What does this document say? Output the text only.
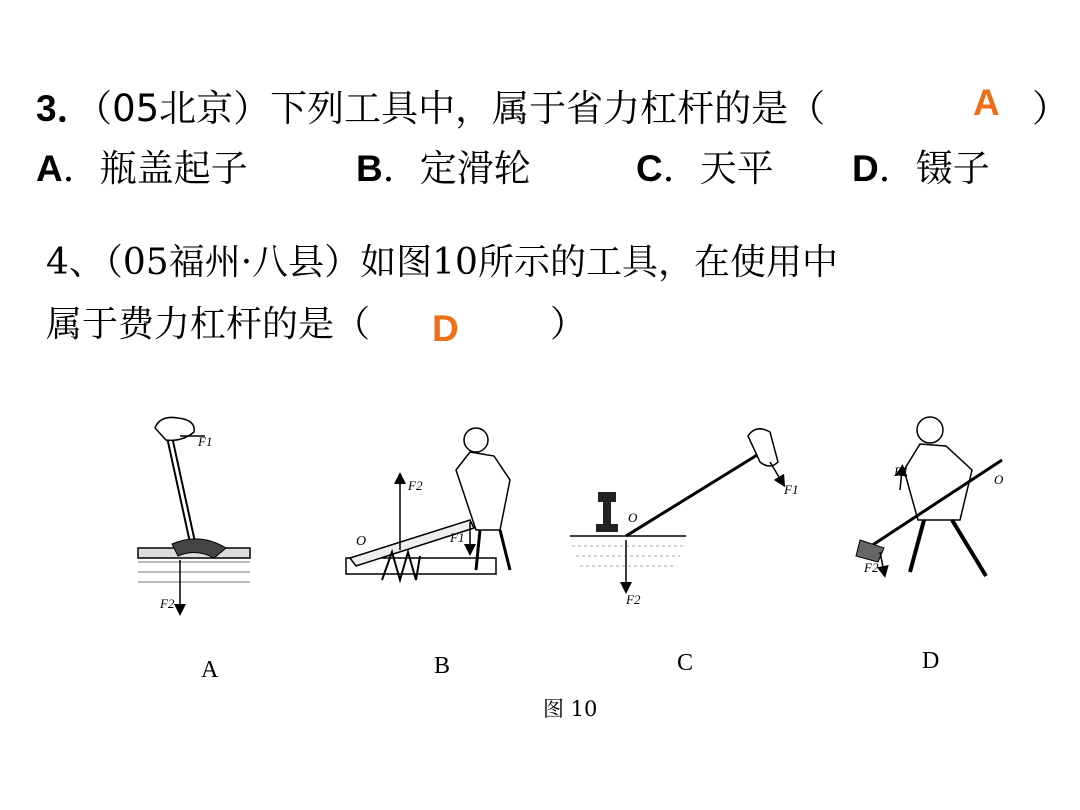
3．（05北京）下列工具中，属于省力杠杆的是（	A ）
A．瓶盖起子	B．定滑轮	C．天平 D．镊子
4、（05福州·八县）如图10所示的工具，在使用中
属于费力杠杆的是（ D	）
F1
F2
F2
F1
O
F1
F2
O
F1
F2
O
A	B	C	D
图 10
